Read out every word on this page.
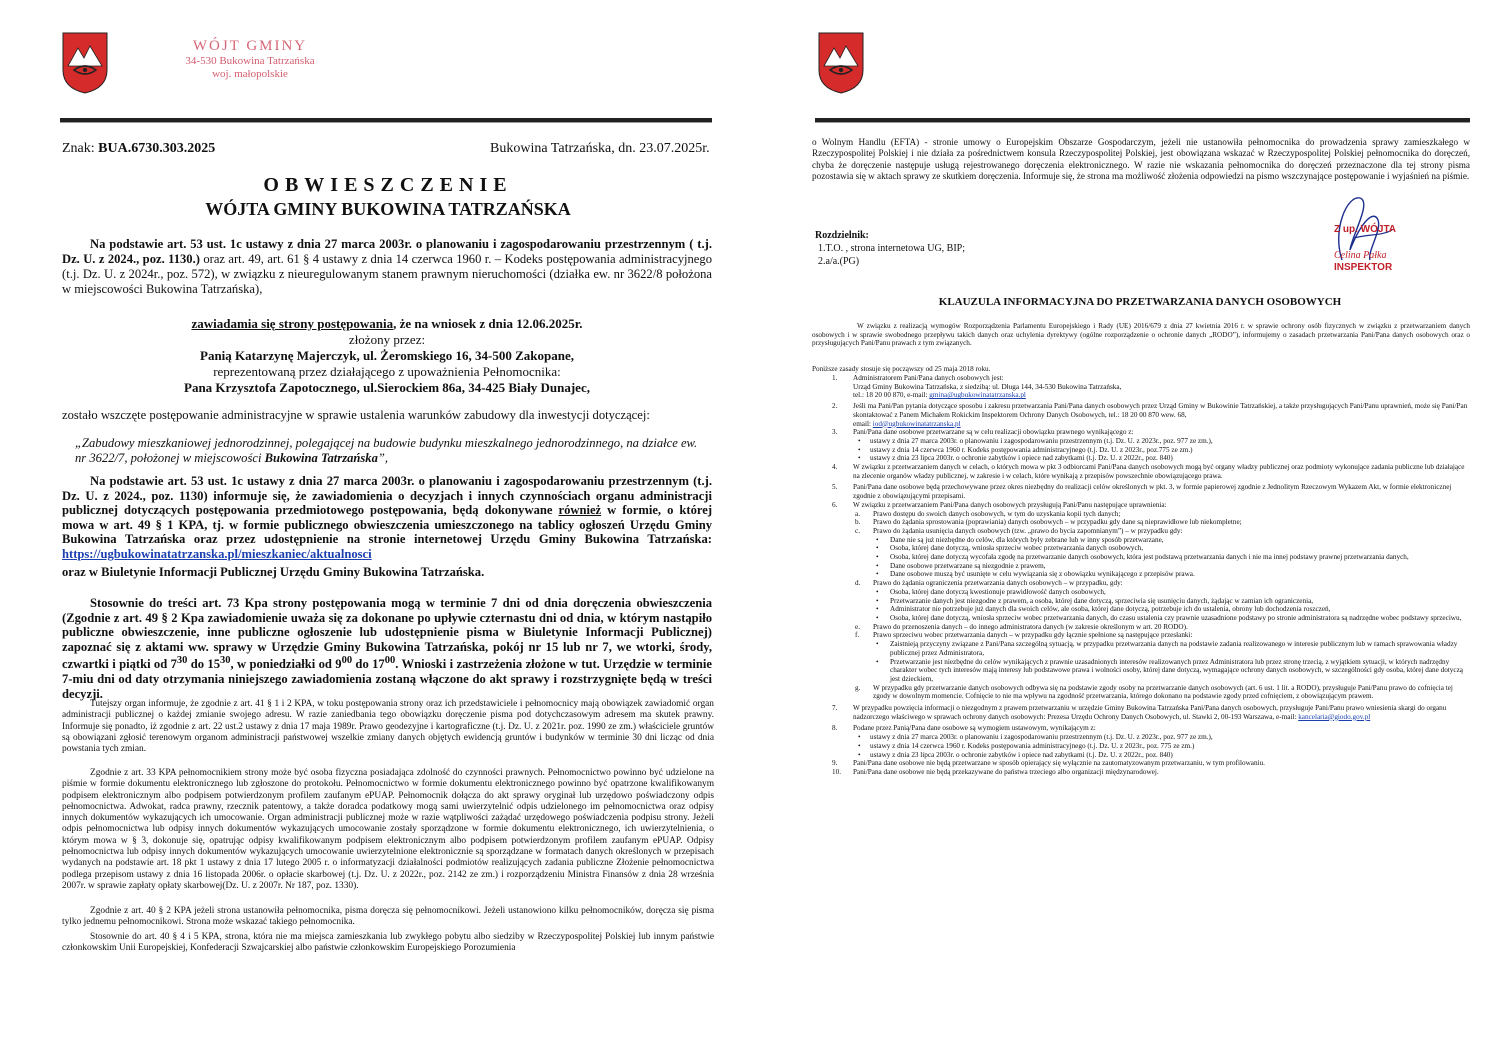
WÓJT GMINY
34-530 Bukowina Tatrzańska
woj. małopolskie
Znak: BUA.6730.303.2025	Bukowina Tatrzańska, dn. 23.07.2025r.
OBWIESZCZENIE
WÓJTA GMINY BUKOWINA TATRZAŃSKA
Na podstawie art. 53 ust. 1c ustawy z dnia 27 marca 2003r. o planowaniu i zagospodarowaniu przestrzennym ( t.j. Dz. U. z 2024., poz. 1130.) oraz art. 49, art. 61 § 4 ustawy z dnia 14 czerwca 1960 r. – Kodeks postępowania administracyjnego (t.j. Dz. U. z 2024r., poz. 572), w związku z nieuregulowanym stanem prawnym nieruchomości (działka ew. nr 3622/8 położona w miejscowości Bukowina Tatrzańska),
zawiadamia się strony postępowania, że na wniosek z dnia 12.06.2025r.
złożony przez:
Panią Katarzynę Majerczyk, ul. Żeromskiego 16, 34-500 Zakopane,
reprezentowaną przez działającego z upoważnienia Pełnomocnika:
Pana Krzysztofa Zapotocznego, ul.Sierockiem 86a, 34-425 Biały Dunajec,
zostało wszczęte postępowanie administracyjne w sprawie ustalenia warunków zabudowy dla inwestycji dotyczącej:
„Zabudowy mieszkaniowej jednorodzinnej, polegającej na budowie budynku mieszkalnego jednorodzinnego, na działce ew. nr 3622/7, położonej w miejscowości Bukowina Tatrzańska”,
Na podstawie art. 53 ust. 1c ustawy z dnia 27 marca 2003r. o planowaniu i zagospodarowaniu przestrzennym (t.j. Dz. U. z 2024., poz. 1130) informuje się, że zawiadomienia o decyzjach i innych czynnościach organu administracji publicznej dotyczących postępowania przedmiotowego postępowania, będą dokonywane również w formie, o której mowa w art. 49 § 1 KPA, tj. w formie publicznego obwieszczenia umieszczonego na tablicy ogłoszeń Urzędu Gminy Bukowina Tatrzańska oraz przez udostępnienie na stronie internetowej Urzędu Gminy Bukowina Tatrzańska: https://ugbukowinatatrzanska.pl/mieszkaniec/aktualnosci
oraz w Biuletynie Informacji Publicznej Urzędu Gminy Bukowina Tatrzańska.
Stosownie do treści art. 73 Kpa strony postępowania mogą w terminie 7 dni od dnia doręczenia obwieszczenia (Zgodnie z art. 49 § 2 Kpa zawiadomienie uważa się za dokonane po upływie czternastu dni od dnia, w którym nastąpiło publiczne obwieszczenie, inne publiczne ogłoszenie lub udostępnienie pisma w Biuletynie Informacji Publicznej) zapoznać się z aktami ww. sprawy w Urzędzie Gminy Bukowina Tatrzańska, pokój nr 15 lub nr 7, we wtorki, środy, czwartki i piątki od $7^{30}$ do $15^{30}$, w poniedziałki od $9^{00}$ do $17^{00}$. Wnioski i zastrzeżenia złożone w tut. Urzędzie w terminie 7-miu dni od daty otrzymania niniejszego zawiadomienia zostaną włączone do akt sprawy i rozstrzygnięte będą w treści decyzji.

Tutejszy organ informuje, że zgodnie z art. 41 § 1 i 2 KPA, w toku postępowania strony oraz ich przedstawiciele i pełnomocnicy mają obowiązek zawiadomić organ administracji publicznej o każdej zmianie swojego adresu. W razie zaniedbania tego obowiązku doręczenie pisma pod dotychczasowym adresem ma skutek prawny. Informuje się ponadto, iż zgodnie z art. 22 ust.2 ustawy z dnia 17 maja 1989r. Prawo geodezyjne i kartograficzne (t.j. Dz. U. z 2021r. poz. 1990 ze zm.) właściciele gruntów są obowiązani zgłosić terenowym organom administracji państwowej wszelkie zmiany danych objętych ewidencją gruntów i budynków w terminie 30 dni licząc od dnia powstania tych zmian.

Zgodnie z art. 33 KPA pełnomocnikiem strony może być osoba fizyczna posiadająca zdolność do czynności prawnych. Pełnomocnictwo powinno być udzielone na piśmie w formie dokumentu elektronicznego lub zgłoszone do protokołu. Pełnomocnictwo w formie dokumentu elektronicznego powinno być opatrzone kwalifikowanym podpisem elektronicznym albo podpisem potwierdzonym profilem zaufanym ePUAP. Pełnomocnik dołącza do akt sprawy oryginał lub urzędowo poświadczony odpis pełnomocnictwa. Adwokat, radca prawny, rzecznik patentowy, a także doradca podatkowy mogą sami uwierzytelnić odpis udzielonego im pełnomocnictwa oraz odpisy innych dokumentów wykazujących ich umocowanie. Organ administracji publicznej może w razie wątpliwości zażądać urzędowego poświadczenia podpisu strony. Jeżeli odpis pełnomocnictwa lub odpisy innych dokumentów wykazujących umocowanie zostały sporządzone w formie dokumentu elektronicznego, ich uwierzytelnienia, o którym mowa w § 3, dokonuje się, opatrując odpisy kwalifikowanym podpisem elektronicznym albo podpisem potwierdzonym profilem zaufanym ePUAP. Odpisy pełnomocnictwa lub odpisy innych dokumentów wykazujących umocowanie uwierzytelnione elektronicznie są sporządzane w formatach danych określonych w przepisach wydanych na podstawie art. 18 pkt 1 ustawy z dnia 17 lutego 2005 r. o informatyzacji działalności podmiotów realizujących zadania publiczne Złożenie pełnomocnictwa podlega przepisom ustawy z dnia 16 listopada 2006r. o opłacie skarbowej (t.j. Dz. U. z 2022r., poz. 2142 ze zm.) i rozporządzeniu Ministra Finansów z dnia 28 września 2007r. w sprawie zapłaty opłaty skarbowej(Dz. U. z 2007r. Nr 187, poz. 1330).

Zgodnie z art. 40 § 2 KPA jeżeli strona ustanowiła pełnomocnika, pisma doręcza się pełnomocnikowi. Jeżeli ustanowiono kilku pełnomocników, doręcza się pisma tylko jednemu pełnomocnikowi. Strona może wskazać takiego pełnomocnika.

Stosownie do art. 40 § 4 i 5 KPA, strona, która nie ma miejsca zamieszkania lub zwykłego pobytu albo siedziby w Rzeczypospolitej Polskiej lub innym państwie członkowskim Unii Europejskiej, Konfederacji Szwajcarskiej albo państwie członkowskim Europejskiego Porozumienia

o Wolnym Handlu (EFTA) - stronie umowy o Europejskim Obszarze Gospodarczym, jeżeli nie ustanowiła pełnomocnika do prowadzenia sprawy zamieszkałego w Rzeczypospolitej Polskiej i nie działa za pośrednictwem konsula Rzeczypospolitej Polskiej, jest obowiązana wskazać w Rzeczypospolitej Polskiej pełnomocnika do doręczeń, chyba że doręczenie następuje usługą rejestrowanego doręczenia elektronicznego. W razie nie wskazania pełnomocnika do doręczeń przeznaczone dla tej strony pisma pozostawia się w aktach sprawy ze skutkiem doręczenia. Informuje się, że strona ma możliwość złożenia odpowiedzi na pismo wszczynające postępowanie i wyjaśnień na piśmie.
Rozdzielnik:
1.T.O. , strona internetowa UG, BIP;
2.a/a.(PG)
Z up. WÓJTA
Celina Pałka
INSPEKTOR
KLAUZULA INFORMACYJNA DO PRZETWARZANIA DANYCH OSOBOWYCH
W związku z realizacją wymogów Rozporządzenia Parlamentu Europejskiego i Rady (UE) 2016/679 z dnia 27 kwietnia 2016 r. w sprawie ochrony osób fizycznych w związku z przetwarzaniem danych osobowych i w sprawie swobodnego przepływu takich danych oraz uchylenia dyrektywy (ogólne rozporządzenie o ochronie danych „RODO”), informujemy o zasadach przetwarzania Pani/Pana danych osobowych oraz o przysługujących Pani/Panu prawach z tym związanych.
Poniższe zasady stosuje się począwszy od 25 maja 2018 roku.
1. Administratorem Pani/Pana danych osobowych jest:
Urząd Gminy Bukowina Tatrzańska, z siedzibą: ul. Długa 144, 34-530 Bukowina Tatrzańska,
tel.: 18 20 00 870, e-mail: gmina@ugbukowinatatrzanska.pl
2. Jeśli ma Pani/Pan pytania dotyczące sposobu i zakresu przetwarzania Pani/Pana danych osobowych przez Urząd Gminy w Bukowinie Tatrzańskiej, a także przysługujących Pani/Panu uprawnień, może się Pani/Pan skontaktować z Panem Michałem Rokickim Inspektorem Ochrony Danych Osobowych, tel.: 18 20 00 870 wew. 68,
email: iod@ugbukowinatatrzanska.pl
3. Pani/Pana dane osobowe przetwarzane są w celu realizacji obowiązku prawnego wynikającego z:
• ustawy z dnia 27 marca 2003r. o planowaniu i zagospodarowaniu przestrzennym (t.j. Dz. U. z 2023r., poz. 977 ze zm.),
• ustawy z dnia 14 czerwca 1960 r. Kodeks postępowania administracyjnego (t.j. Dz. U. z 2023r., poz.775 ze zm.)
• ustawy z dnia 23 lipca 2003r. o ochronie zabytków i opiece nad zabytkami (t.j. Dz. U. z 2022r., poz. 840)
4. W związku z przetwarzaniem danych w celach, o których mowa w pkt 3 odbiorcami Pani/Pana danych osobowych mogą być organy władzy publicznej oraz podmioty wykonujące zadania publiczne lub działające na zlecenie organów władzy publicznej, w zakresie i w celach, które wynikają z przepisów powszechnie obowiązującego prawa.
5. Pani/Pana dane osobowe będą przechowywane przez okres niezbędny do realizacji celów określonych w pkt. 3, w formie papierowej zgodnie z Jednolitym Rzeczowym Wykazem Akt, w formie elektronicznej zgodnie z obowiązującymi przepisami.
6. W związku z przetwarzaniem Pani/Pana danych osobowych przysługują Pani/Panu następujące uprawnienia:
a. Prawo dostępu do swoich danych osobowych, w tym do uzyskania kopii tych danych;
b. Prawo do żądania sprostowania (poprawiania) danych osobowych – w przypadku gdy dane są nieprawidłowe lub niekompletne;
c. Prawo do żądania usunięcia danych osobowych (tzw. „prawo do bycia zapomnianym”) – w przypadku gdy:
• Dane nie są już niezbędne do celów, dla których były zebrane lub w inny sposób przetwarzane,
• Osoba, której dane dotyczą, wniosła sprzeciw wobec przetwarzania danych osobowych,
• Osoba, której dane dotyczą wycofała zgodę na przetwarzanie danych osobowych, która jest podstawą przetwarzania danych i nie ma innej podstawy prawnej przetwarzania danych,
• Dane osobowe przetwarzane są niezgodnie z prawem,
• Dane osobowe muszą być usunięte w celu wywiązania się z obowiązku wynikającego z przepisów prawa.
d. Prawo do żądania ograniczenia przetwarzania danych osobowych – w przypadku, gdy:
• Osoba, której dane dotyczą kwestionuje prawidłowość danych osobowych,
• Przetwarzanie danych jest niezgodne z prawem, a osoba, której dane dotyczą, sprzeciwia się usunięciu danych, żądając w zamian ich ograniczenia,
• Administrator nie potrzebuje już danych dla swoich celów, ale osoba, której dane dotyczą, potrzebuje ich do ustalenia, obrony lub dochodzenia roszczeń,
• Osoba, której dane dotyczą, wniosła sprzeciw wobec przetwarzania danych, do czasu ustalenia czy prawnie uzasadnione podstawy po stronie administratora są nadrzędne wobec podstawy sprzeciwu,
e. Prawo do przenoszenia danych – do innego administratora danych (w zakresie określonym w art. 20 RODO).
f. Prawo sprzeciwu wobec przetwarzania danych – w przypadku gdy łącznie spełnione są następujące przesłanki:
• Zaistnieją przyczyny związane z Pani/Pana szczególną sytuacją, w przypadku przetwarzania danych na podstawie zadania realizowanego w interesie publicznym lub w ramach sprawowania władzy publicznej przez Administratora,
• Przetwarzanie jest niezbędne do celów wynikających z prawnie uzasadnionych interesów realizowanych przez Administratora lub przez stronę trzecią, z wyjątkiem sytuacji, w których nadrzędny charakter wobec tych interesów mają interesy lub podstawowe prawa i wolności osoby, której dane dotyczą, wymagające ochrony danych osobowych, w szczególności gdy osoba, której dane dotyczą jest dzieckiem,
g. W przypadku gdy przetwarzanie danych osobowych odbywa się na podstawie zgody osoby na przetwarzanie danych osobowych (art. 6 ust. 1 lit. a RODO), przysługuje Pani/Panu prawo do cofnięcia tej zgody w dowolnym momencie. Cofnięcie to nie ma wpływu na zgodność przetwarzania, którego dokonano na podstawie zgody przed cofnięciem, z obowiązującym prawem.
7. W przypadku powzięcia informacji o niezgodnym z prawem przetwarzaniu w urzędzie Gminy Bukowina Tatrzańska Pani/Pana danych osobowych, przysługuje Pani/Panu prawo wniesienia skargi do organu nadzorczego właściwego w sprawach ochrony danych osobowych: Prezesa Urzędu Ochrony Danych Osobowych, ul. Stawki 2, 00-193 Warszawa, e-mail: kancelaria@giodo.gov.pl
8. Podane przez Panią/Pana dane osobowe są wymogiem ustawowym, wynikającym z:
• ustawy z dnia 27 marca 2003r. o planowaniu i zagospodarowaniu przestrzennym (t.j. Dz. U. z 2023r., poz. 977 ze zm.),
• ustawy z dnia 14 czerwca 1960 r. Kodeks postępowania administracyjnego (t.j. Dz. U. z 2023r., poz. 775 ze zm.)
• ustawy z dnia 23 lipca 2003r. o ochronie zabytków i opiece nad zabytkami (t.j. Dz. U. z 2022r., poz. 840)
9. Pani/Pana dane osobowe nie będą przetwarzane w sposób opierający się wyłącznie na zautomatyzowanym przetwarzaniu, w tym profilowaniu.
10. Pani/Pana dane osobowe nie będą przekazywane do państwa trzeciego albo organizacji międzynarodowej.
